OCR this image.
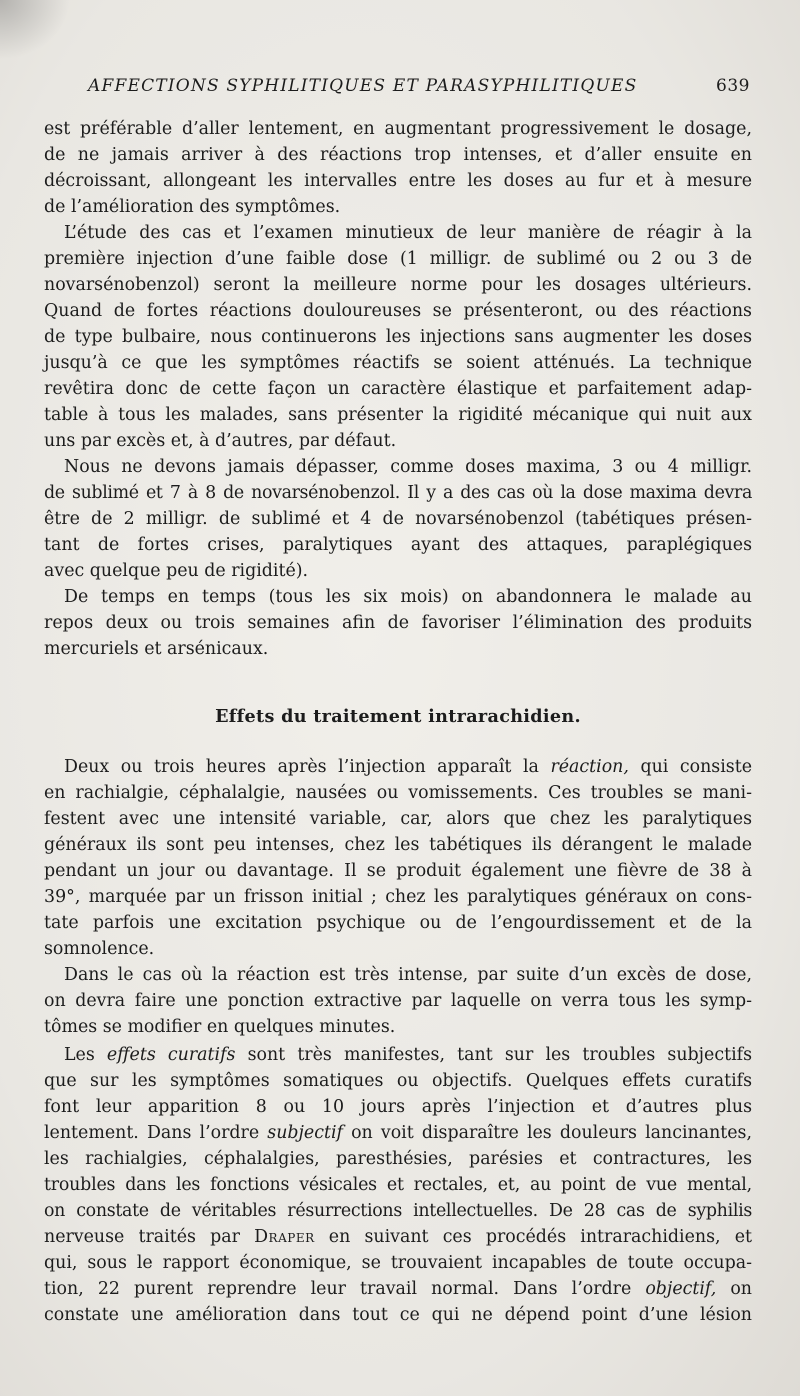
AFFECTIONS SYPHILITIQUES ET PARASYPHILITIQUES	639
est préférable d’aller lentement, en augmentant progressivement le dosage,
de ne jamais arriver à des réactions trop intenses, et d’aller ensuite en
décroissant, allongeant les intervalles entre les doses au fur et à mesure
de l’amélioration des symptômes.
L’étude des cas et l’examen minutieux de leur manière de réagir à la
première injection d’une faible dose (1 milligr. de sublimé ou 2 ou 3 de
novarsénobenzol) seront la meilleure norme pour les dosages ultérieurs.
Quand de fortes réactions douloureuses se présenteront, ou des réactions
de type bulbaire, nous continuerons les injections sans augmenter les doses
jusqu’à ce que les symptômes réactifs se soient atténués. La technique
revêtira donc de cette façon un caractère élastique et parfaitement adap-
table à tous les malades, sans présenter la rigidité mécanique qui nuit aux
uns par excès et, à d’autres, par défaut.
Nous ne devons jamais dépasser, comme doses maxima, 3 ou 4 milligr.
de sublimé et 7 à 8 de novarsénobenzol. Il y a des cas où la dose maxima devra
être de 2 milligr. de sublimé et 4 de novarsénobenzol (tabétiques présen-
tant de fortes crises, paralytiques ayant des attaques, paraplégiques
avec quelque peu de rigidité).
De temps en temps (tous les six mois) on abandonnera le malade au
repos deux ou trois semaines afin de favoriser l’élimination des produits
mercuriels et arsénicaux.
Effets du traitement intrarachidien.
Deux ou trois heures après l’injection apparaît la réaction, qui consiste
en rachialgie, céphalalgie, nausées ou vomissements. Ces troubles se mani-
festent avec une intensité variable, car, alors que chez les paralytiques
généraux ils sont peu intenses, chez les tabétiques ils dérangent le malade
pendant un jour ou davantage. Il se produit également une fièvre de 38 à
39°, marquée par un frisson initial ; chez les paralytiques généraux on cons-
tate parfois une excitation psychique ou de l’engourdissement et de la
somnolence.
Dans le cas où la réaction est très intense, par suite d’un excès de dose,
on devra faire une ponction extractive par laquelle on verra tous les symp-
tômes se modifier en quelques minutes.
Les effets curatifs sont très manifestes, tant sur les troubles subjectifs
que sur les symptômes somatiques ou objectifs. Quelques effets curatifs
font leur apparition 8 ou 10 jours après l’injection et d’autres plus
lentement. Dans l’ordre subjectif on voit disparaître les douleurs lancinantes,
les rachialgies, céphalalgies, paresthésies, parésies et contractures, les
troubles dans les fonctions vésicales et rectales, et, au point de vue mental,
on constate de véritables résurrections intellectuelles. De 28 cas de syphilis
nerveuse traités par Draper en suivant ces procédés intrarachidiens, et
qui, sous le rapport économique, se trouvaient incapables de toute occupa-
tion, 22 purent reprendre leur travail normal. Dans l’ordre objectif, on
constate une amélioration dans tout ce qui ne dépend point d’une lésion
